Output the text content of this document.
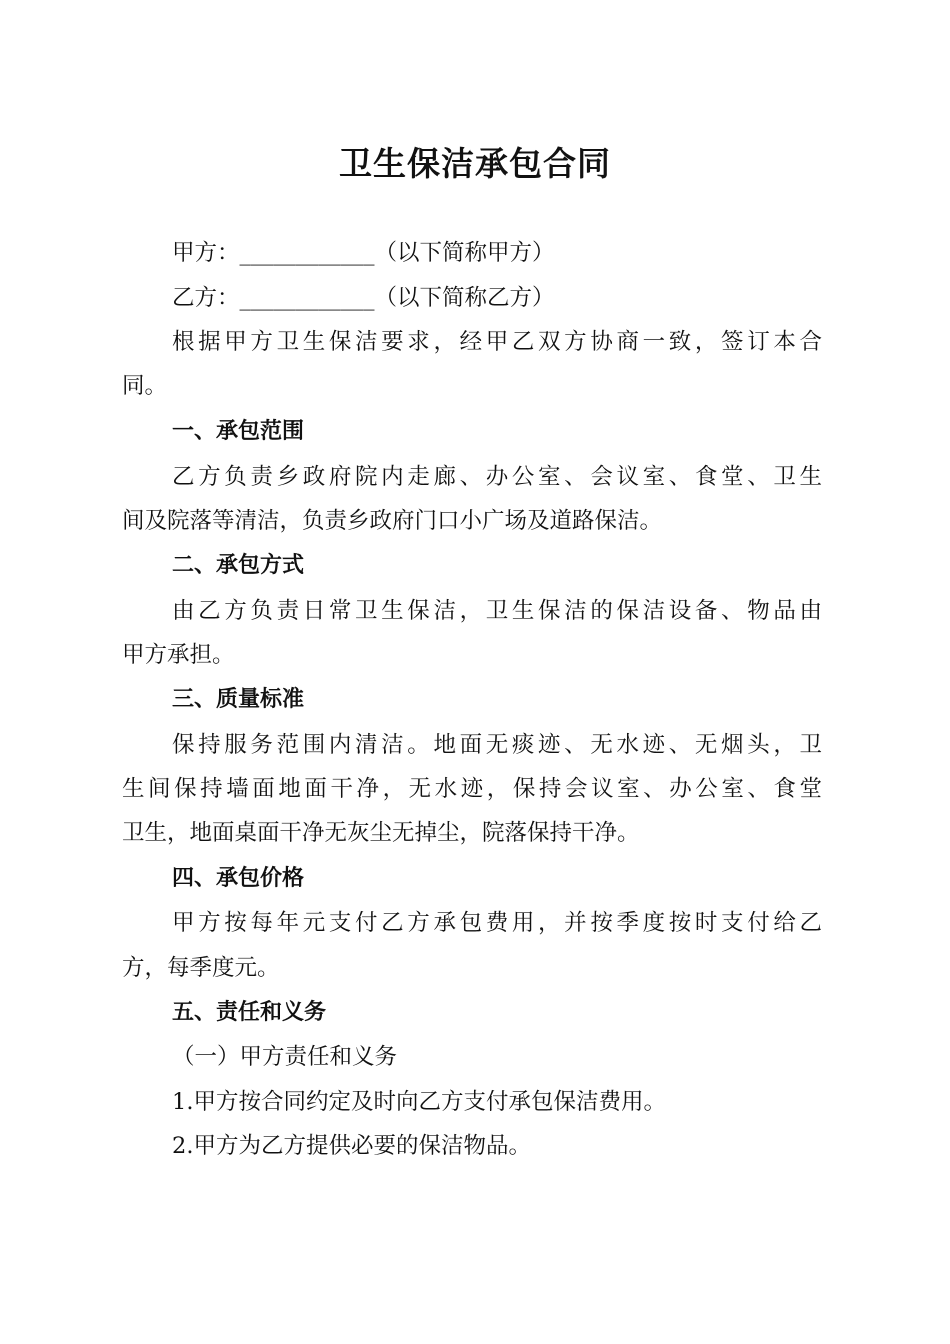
卫生保洁承包合同
甲方：____________（以下简称甲方）
乙方：____________（以下简称乙方）
根据甲方卫生保洁要求，经甲乙双方协商一致，签订本合
同。
一、承包范围
乙方负责乡政府院内走廊、办公室、会议室、食堂、卫生
间及院落等清洁，负责乡政府门口小广场及道路保洁。
二、承包方式
由乙方负责日常卫生保洁，卫生保洁的保洁设备、物品由
甲方承担。
三、质量标准
保持服务范围内清洁。地面无痰迹、无水迹、无烟头，卫
生间保持墙面地面干净，无水迹，保持会议室、办公室、食堂
卫生，地面桌面干净无灰尘无掉尘，院落保持干净。
四、承包价格
甲方按每年元支付乙方承包费用，并按季度按时支付给乙
方，每季度元。
五、责任和义务
（一）甲方责任和义务
1.甲方按合同约定及时向乙方支付承包保洁费用。
2.甲方为乙方提供必要的保洁物品。
